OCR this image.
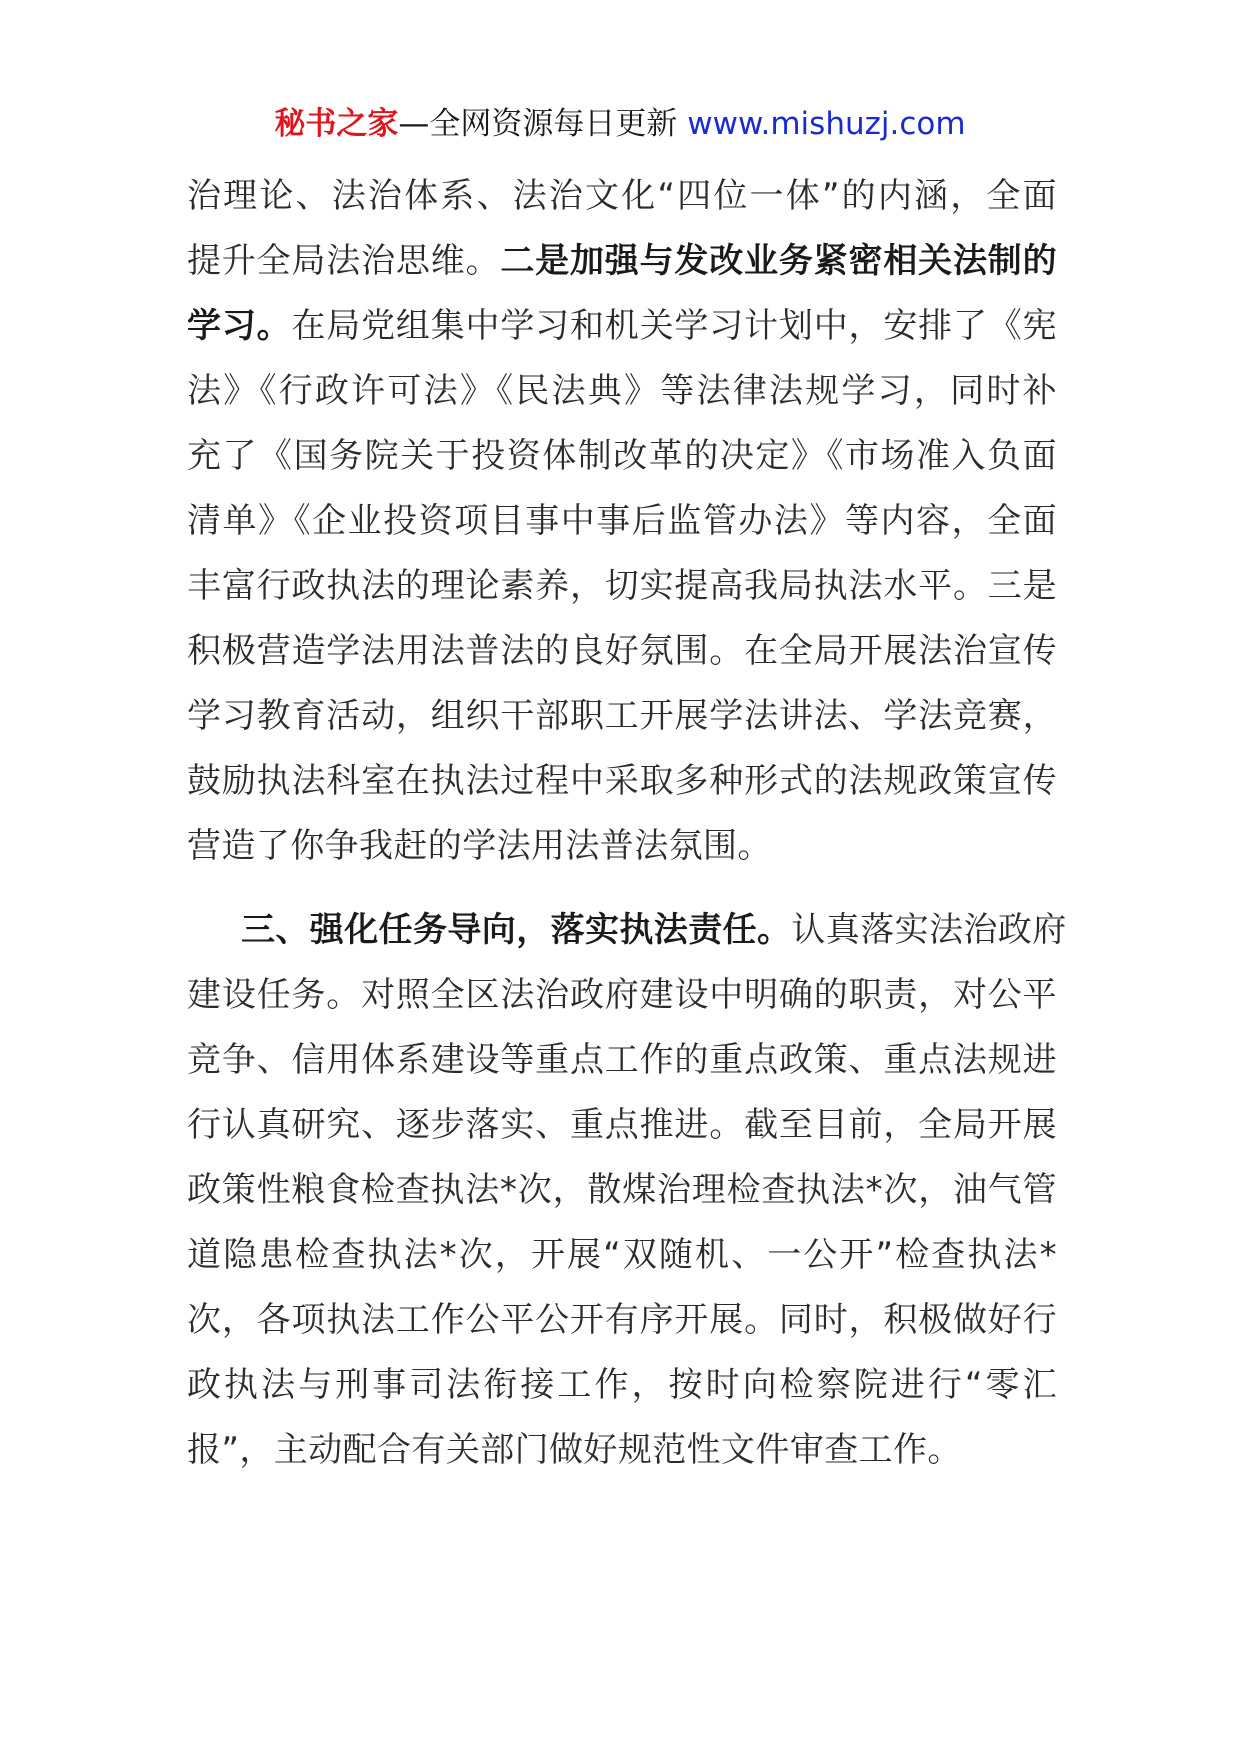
秘书之家—全网资源每日更新 www.mishuzj.com
治理论、法治体系、法治文化“四位一体”的内涵，全面
提升全局法治思维。二是加强与发改业务紧密相关法制的
学习。在局党组集中学习和机关学习计划中，安排了《宪
法》《行政许可法》《民法典》等法律法规学习，同时补
充了《国务院关于投资体制改革的决定》《市场准入负面
清单》《企业投资项目事中事后监管办法》等内容，全面
丰富行政执法的理论素养，切实提高我局执法水平。三是
积极营造学法用法普法的良好氛围。在全局开展法治宣传
学习教育活动，组织干部职工开展学法讲法、学法竞赛，
鼓励执法科室在执法过程中采取多种形式的法规政策宣传
营造了你争我赶的学法用法普法氛围。
三、强化任务导向，落实执法责任。认真落实法治政府
建设任务。对照全区法治政府建设中明确的职责，对公平
竞争、信用体系建设等重点工作的重点政策、重点法规进
行认真研究、逐步落实、重点推进。截至目前，全局开展
政策性粮食检查执法*次，散煤治理检查执法*次，油气管
道隐患检查执法*次，开展“双随机、一公开”检查执法*
次，各项执法工作公平公开有序开展。同时，积极做好行
政执法与刑事司法衔接工作，按时向检察院进行“零汇
报”，主动配合有关部门做好规范性文件审查工作。
